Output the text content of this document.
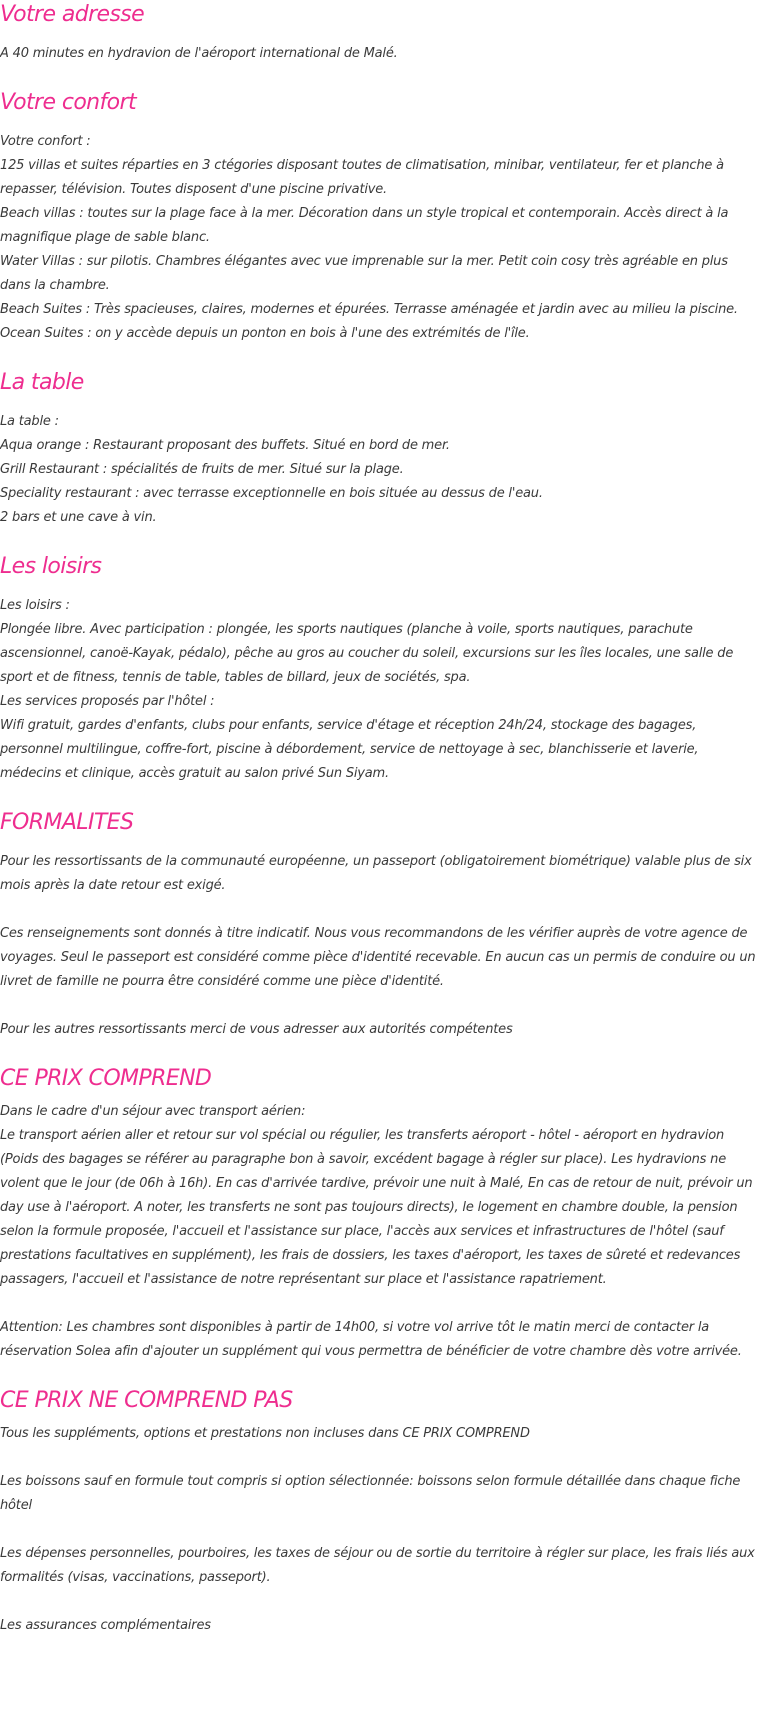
Votre adresse

A 40 minutes en hydravion de l'aéroport international de Malé.

Votre confort

Votre confort :

125 villas et suites réparties en 3 ctégories disposant toutes de climatisation, minibar, ventilateur, fer et planche à repasser, télévision. Toutes disposent d'une piscine privative.

Beach villas : toutes sur la plage face à la mer. Décoration dans un style tropical et contemporain. Accès direct à la magnifique plage de sable blanc.

Water Villas : sur pilotis. Chambres élégantes avec vue imprenable sur la mer. Petit coin cosy très agréable en plus dans la chambre.

Beach Suites : Très spacieuses, claires, modernes et épurées. Terrasse aménagée et jardin avec au milieu la piscine.

Ocean Suites : on y accède depuis un ponton en bois à l'une des extrémités de l'île.

La table

La table :

Aqua orange : Restaurant proposant des buffets. Situé en bord de mer.

Grill Restaurant : spécialités de fruits de mer. Situé sur la plage.

Speciality restaurant : avec terrasse exceptionnelle en bois située au dessus de l'eau.

2 bars et une cave à vin.

Les loisirs

Les loisirs :

Plongée libre. Avec participation : plongée, les sports nautiques (planche à voile, sports nautiques, parachute ascensionnel, canoë-Kayak, pédalo), pêche au gros au coucher du soleil, excursions sur les îles locales, une salle de sport et de fitness, tennis de table, tables de billard, jeux de sociétés, spa.

Les services proposés par l'hôtel :

Wifi gratuit, gardes d'enfants, clubs pour enfants, service d'étage et réception 24h/24, stockage des bagages, personnel multilingue, coffre-fort, piscine à débordement, service de nettoyage à sec, blanchisserie et laverie, médecins et clinique, accès gratuit au salon privé Sun Siyam.

FORMALITES

Pour les ressortissants de la communauté européenne, un passeport (obligatoirement biométrique) valable plus de six mois après la date retour est exigé.

Ces renseignements sont donnés à titre indicatif. Nous vous recommandons de les vérifier auprès de votre agence de voyages. Seul le passeport est considéré comme pièce d'identité recevable. En aucun cas un permis de conduire ou un livret de famille ne pourra être considéré comme une pièce d'identité.

Pour les autres ressortissants merci de vous adresser aux autorités compétentes

CE PRIX COMPREND

Dans le cadre d'un séjour avec transport aérien:

Le transport aérien aller et retour sur vol spécial ou régulier, les transferts aéroport - hôtel - aéroport en hydravion (Poids des bagages se référer au paragraphe bon à savoir, excédent bagage à régler sur place). Les hydravions ne volent que le jour (de 06h à 16h). En cas d'arrivée tardive, prévoir une nuit à Malé, En cas de retour de nuit, prévoir un day use à l'aéroport. A noter, les transferts ne sont pas toujours directs), le logement en chambre double, la pension selon la formule proposée, l'accueil et l'assistance sur place, l'accès aux services et infrastructures de l'hôtel (sauf prestations facultatives en supplément), les frais de dossiers, les taxes d'aéroport, les taxes de sûreté et redevances passagers, l'accueil et l'assistance de notre représentant sur place et l'assistance rapatriement.

Attention: Les chambres sont disponibles à partir de 14h00, si votre vol arrive tôt le matin merci de contacter la réservation Solea afin d'ajouter un supplément qui vous permettra de bénéficier de votre chambre dès votre arrivée.

CE PRIX NE COMPREND PAS

Tous les suppléments, options et prestations non incluses dans CE PRIX COMPREND

Les boissons sauf en formule tout compris si option sélectionnée: boissons selon formule détaillée dans chaque fiche hôtel

Les dépenses personnelles, pourboires, les taxes de séjour ou de sortie du territoire à régler sur place, les frais liés aux formalités (visas, vaccinations, passeport).

Les assurances complémentaires
